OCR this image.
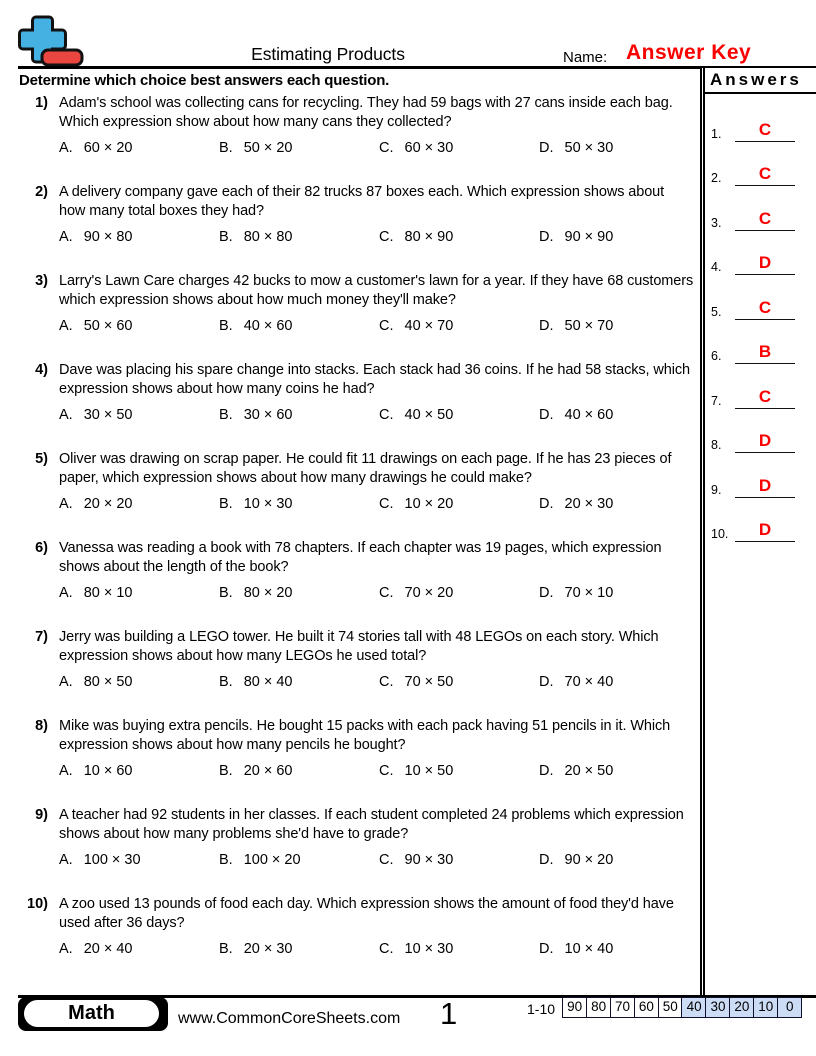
Estimating Products	Name: Answer Key
Determine which choice best answers each question.
1) Adam's school was collecting cans for recycling. They had 59 bags with 27 cans inside each bag. Which expression show about how many cans they collected?
A. 60 × 20	B. 50 × 20	C. 60 × 30	D. 50 × 30
2) A delivery company gave each of their 82 trucks 87 boxes each. Which expression shows about how many total boxes they had?
A. 90 × 80	B. 80 × 80	C. 80 × 90	D. 90 × 90
3) Larry's Lawn Care charges 42 bucks to mow a customer's lawn for a year. If they have 68 customers which expression shows about how much money they'll make?
A. 50 × 60	B. 40 × 60	C. 40 × 70	D. 50 × 70
4) Dave was placing his spare change into stacks. Each stack had 36 coins. If he had 58 stacks, which expression shows about how many coins he had?
A. 30 × 50	B. 30 × 60	C. 40 × 50	D. 40 × 60
5) Oliver was drawing on scrap paper. He could fit 11 drawings on each page. If he has 23 pieces of paper, which expression shows about how many drawings he could make?
A. 20 × 20	B. 10 × 30	C. 10 × 20	D. 20 × 30
6) Vanessa was reading a book with 78 chapters. If each chapter was 19 pages, which expression shows about the length of the book?
A. 80 × 10	B. 80 × 20	C. 70 × 20	D. 70 × 10
7) Jerry was building a LEGO tower. He built it 74 stories tall with 48 LEGOs on each story. Which expression shows about how many LEGOs he used total?
A. 80 × 50	B. 80 × 40	C. 70 × 50	D. 70 × 40
8) Mike was buying extra pencils. He bought 15 packs with each pack having 51 pencils in it. Which expression shows about how many pencils he bought?
A. 10 × 60	B. 20 × 60	C. 10 × 50	D. 20 × 50
9) A teacher had 92 students in her classes. If each student completed 24 problems which expression shows about how many problems she'd have to grade?
A. 100 × 30	B. 100 × 20	C. 90 × 30	D. 90 × 20
10) A zoo used 13 pounds of food each day. Which expression shows the amount of food they'd have used after 36 days?
A. 20 × 40	B. 20 × 30	C. 10 × 30	D. 10 × 40
Answers
1.	C
2.	C
3.	C
4.	D
5.	C
6.	B
7.	C
8.	D
9.	D
10.	D
Math	www.CommonCoreSheets.com 1	1-10 90 80 70 60 50 40 30 20 10 0
